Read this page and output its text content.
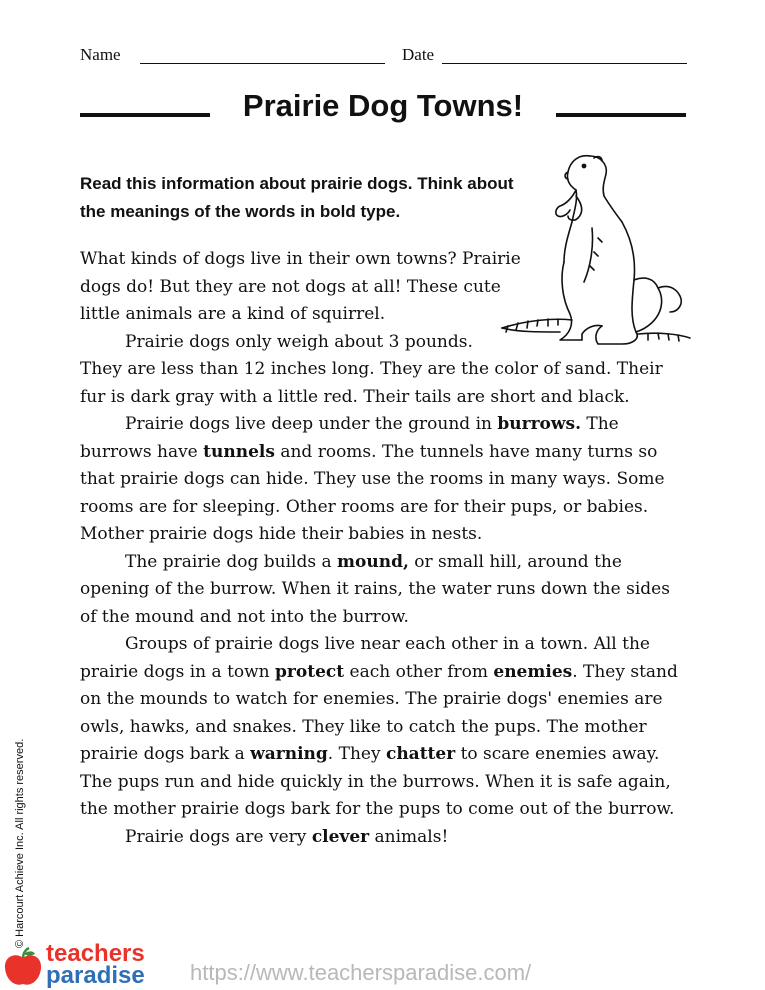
Name	Date
Prairie Dog Towns!
Read this information about prairie dogs. Think about the meanings of the words in bold type.

What kinds of dogs live in their own towns? Prairie
dogs do! But they are not dogs at all! These cute
little animals are a kind of squirrel.

Prairie dogs only weigh about 3 pounds.
They are less than 12 inches long. They are the color of sand. Their fur is dark gray with a little red. Their tails are short and black.

Prairie dogs live deep under the ground in burrows. The burrows have tunnels and rooms. The tunnels have many turns so that prairie dogs can hide. They use the rooms in many ways. Some rooms are for sleeping. Other rooms are for their pups, or babies. Mother prairie dogs hide their babies in nests.

The prairie dog builds a mound, or small hill, around the opening of the burrow. When it rains, the water runs down the sides of the mound and not into the burrow.

Groups of prairie dogs live near each other in a town. All the prairie dogs in a town protect each other from enemies. They stand on the mounds to watch for enemies. The prairie dogs' enemies are owls, hawks, and snakes. They like to catch the pups. The mother prairie dogs bark a warning. They chatter to scare enemies away. The pups run and hide quickly in the burrows. When it is safe again, the mother prairie dogs bark for the pups to come out of the burrow.

Prairie dogs are very clever animals!

© Harcourt Achieve Inc. All rights reserved.
teachers
paradise https://www.teachersparadise.com/
